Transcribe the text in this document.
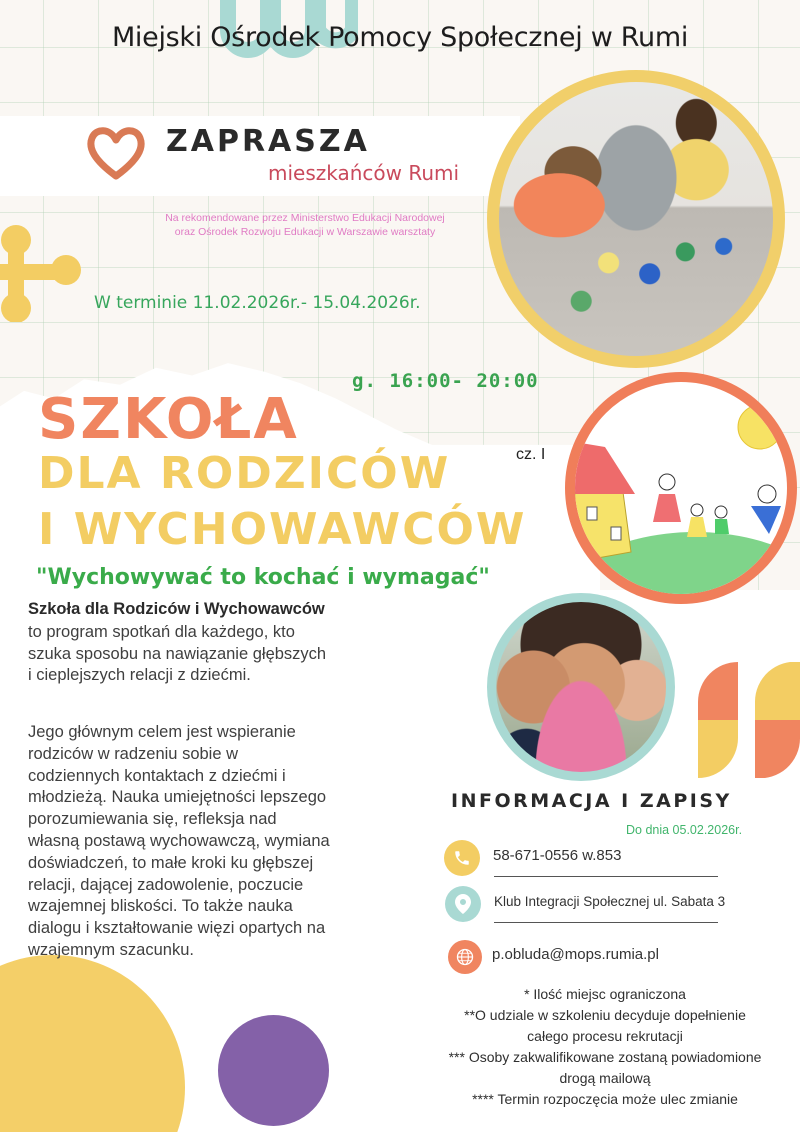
Miejski Ośrodek Pomocy Społecznej w Rumi
ZAPRASZA
mieszkańców Rumi
Na rekomendowane przez Ministerstwo Edukacji Narodowej
oraz Ośrodek Rozwoju Edukacji w Warszawie warsztaty
W terminie 11.02.2026r.- 15.04.2026r.
g. 16:00- 20:00
SZKOŁA
DLA RODZICÓW
I WYCHOWAWCÓW
cz. I
"Wychowywać to kochać i wymagać"
Szkoła dla Rodziców i Wychowawców
to program spotkań dla każdego, kto
szuka sposobu na nawiązanie głębszych
i cieplejszych relacji z dziećmi.
Jego głównym celem jest wspieranie
rodziców w radzeniu sobie w
codziennych kontaktach z dziećmi i
młodzieżą. Nauka umiejętności lepszego
porozumiewania się, refleksja nad
własną postawą wychowawczą, wymiana
doświadczeń, to małe kroki ku głębszej
relacji, dającej zadowolenie, poczucie
wzajemnej bliskości. To także nauka
dialogu i kształtowanie więzi opartych na
wzajemnym szacunku.
INFORMACJA I ZAPISY
Do dnia 05.02.2026r.
58-671-0556 w.853
Klub Integracji Społecznej ul. Sabata 3
p.obluda@mops.rumia.pl
* Ilość miejsc ograniczona
**O udziale w szkoleniu decyduje dopełnienie
całego procesu rekrutacji
*** Osoby zakwalifikowane zostaną powiadomione
drogą mailową
**** Termin rozpoczęcia może ulec zmianie
